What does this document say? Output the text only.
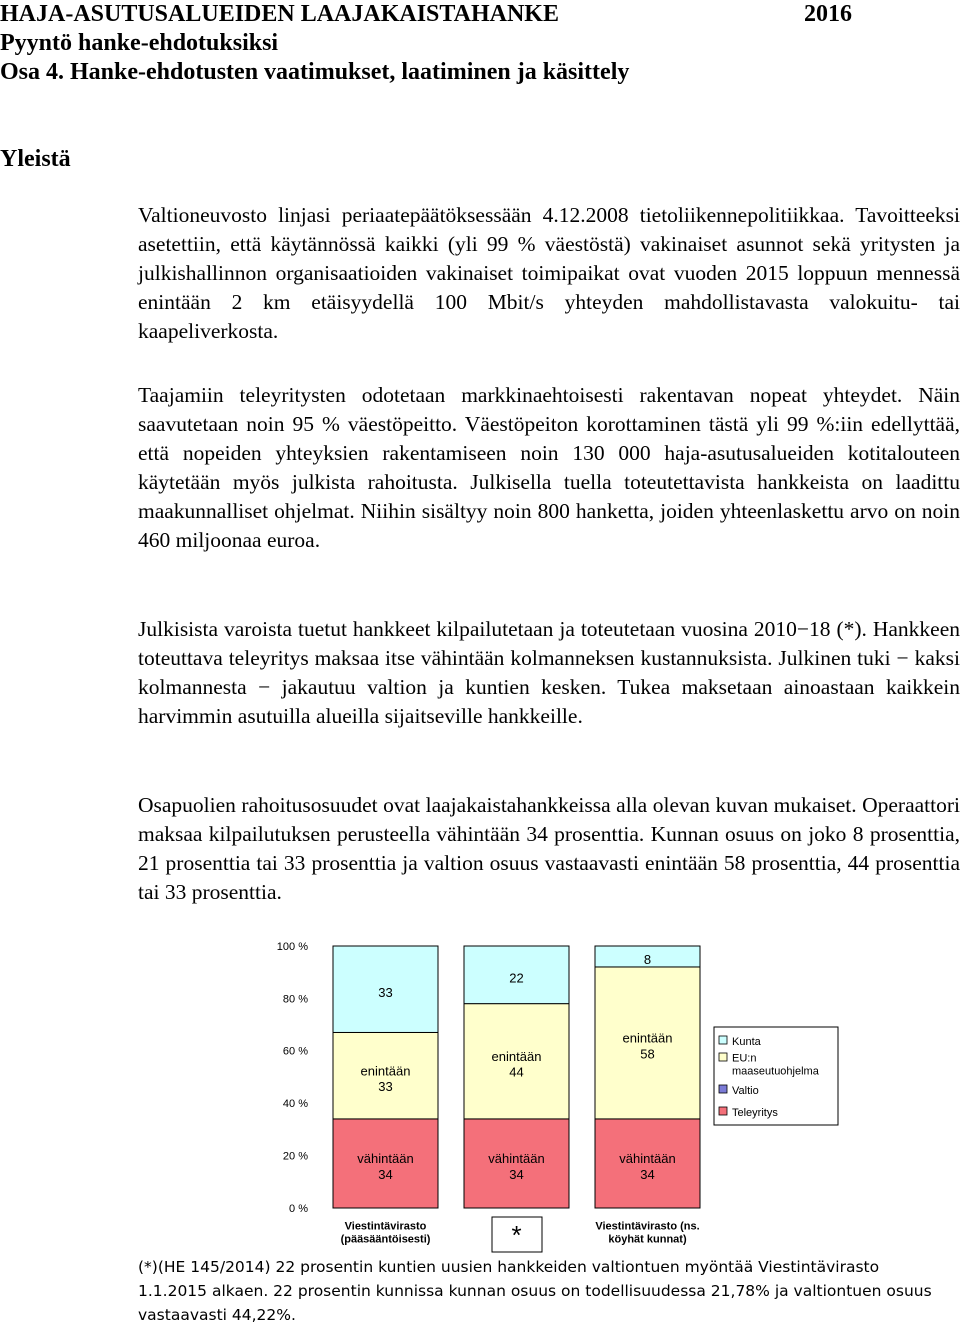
HAJA-ASUTUSALUEIDEN LAAJAKAISTAHANKE	2016
Pyyntö hanke-ehdotuksiksi
Osa 4. Hanke-ehdotusten vaatimukset, laatiminen ja käsittely
Yleistä
Valtioneuvosto linjasi periaatepäätöksessään 4.12.2008 tietoliikennepolitiikkaa. Tavoitteeksi asetettiin, että käytännössä kaikki (yli 99 % väestöstä) vakinaiset asunnot sekä yritysten ja julkishallinnon organisaatioiden vakinaiset toimipaikat ovat vuoden 2015 loppuun mennessä enintään 2 km etäisyydellä 100 Mbit/s yhteyden mahdollistavasta valokuitu- tai kaapeliverkosta.
Taajamiin teleyritysten odotetaan markkinaehtoisesti rakentavan nopeat yhteydet. Näin saavutetaan noin 95 % väestöpeitto. Väestöpeiton korottaminen tästä yli 99 %:iin edellyttää, että nopeiden yhteyksien rakentamiseen noin 130 000 haja-asutusalueiden kotitalouteen käytetään myös julkista rahoitusta. Julkisella tuella toteutettavista hankkeista on laadittu maakunnalliset ohjelmat. Niihin sisältyy noin 800 hanketta, joiden yhteenlaskettu arvo on noin 460 miljoonaa euroa.
Julkisista varoista tuetut hankkeet kilpailutetaan ja toteutetaan vuosina 2010−18 (*). Hankkeen toteuttava teleyritys maksaa itse vähintään kolmanneksen kustannuksista. Julkinen tuki − kaksi kolmannesta − jakautuu valtion ja kuntien kesken. Tukea maksetaan ainoastaan kaikkein harvimmin asutuilla alueilla sijaitseville hankkeille.
Osapuolien rahoitusosuudet ovat laajakaistahankkeissa alla olevan kuvan mukaiset. Operaattori maksaa kilpailutuksen perusteella vähintään 34 prosenttia. Kunnan osuus on joko 8 prosenttia, 21 prosenttia tai 33 prosenttia ja valtion osuus vastaavasti enintään 58 prosenttia, 44 prosenttia tai 33 prosenttia.
0 %
20 %
40 %
60 %
80 %
100 %
vähintään 34
enintään 33
33
vähintään 34
enintään 44
22
vähintään 34
enintään 58
8
Viestintävirasto (pääsääntöisesti)	*	Viestintävirasto (ns. köyhät kunnat)
Kunta
EU:n maaseutuohjelma
Valtio
Teleyritys
(*)(HE 145/2014) 22 prosentin kuntien uusien hankkeiden valtiontuen myöntää Viestintävirasto 1.1.2015 alkaen. 22 prosentin kunnissa kunnan osuus on todellisuudessa 21,78% ja valtiontuen osuus vastaavasti 44,22%.
